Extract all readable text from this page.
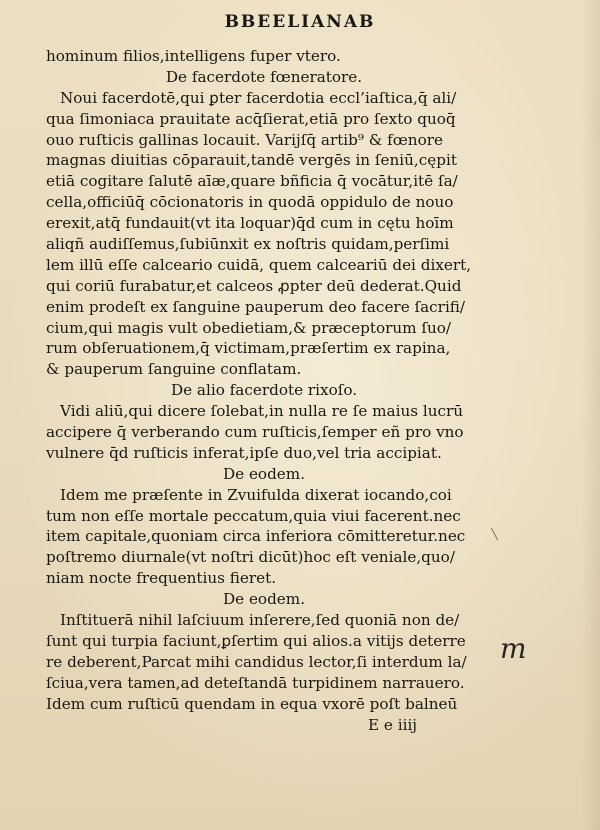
BBEELIANAB
hominum filios,intelligens fuper vtero.
De facerdote fœneratore.
Noui facerdotē,qui ꝑter facerdotia eccl’iaſtica,q̄ ali/
qua ſimoniaca prauitate acq̄ſierat,etiā pro ſexto quoq̄
ouo ruſticis gallinas locauit. Varijſq̄ artib⁹ & fœnore
magnas diuitias cōparauit,tandē vergēs in ſeniū,cępit
etiā cogitare ſalutē aīæ,quare bñficia q̄ vocātur,itē ſa/
cella,officiūq̄ cōcionatoris in quodā oppidulo de nouo
erexit,atq̄ fundauit(vt ita loquar)q̄d cum in cętu hoīm
aliqñ audiſſemus,ſubiūnxit ex noſtris quidam,perſimi
lem illū eſſe calceario cuidā, quem calceariū dei dixert,
qui coriū furabatur,et calceos ꝓpter deū dederat.Quid
enim prodeſt ex ſanguine pauperum deo facere ſacrifi/
cium,qui magis vult obedietiam,& præceptorum ſuo/
rum obſeruationem,q̄ victimam,præſertim ex rapina,
& pauperum ſanguine conflatam.
De alio facerdote rixoſo.
Vidi aliū,qui dicere ſolebat,in nulla re ſe maius lucrū
accipere q̄ verberando cum ruſticis,ſemper eñ pro vno
vulnere q̄d ruſticis inferat,ipſe duo,vel tria accipiat.
De eodem.
Idem me præſente in Zvuifulda dixerat iocando,coi
tum non eſſe mortale peccatum,quia viui facerent.nec
item capitale,quoniam circa inferiora cōmitteretur.nec
poſtremo diurnale(vt noſtri dicūt)hoc eſt veniale,quo/
niam nocte frequentius fieret.
De eodem.
Inſtituerā nihil laſciuum inſerere,ſed quoniā non de/
ſunt qui turpia faciunt,ꝑſertim qui alios.a vitijs deterre
re deberent,Parcat mihi candidus lector,ſi interdum la/
ſciua,vera tamen,ad deteſtandā turpidinem narrauero.
Idem cum ruſticū quendam in equa vxorē poſt balneū
E e iiij
m
